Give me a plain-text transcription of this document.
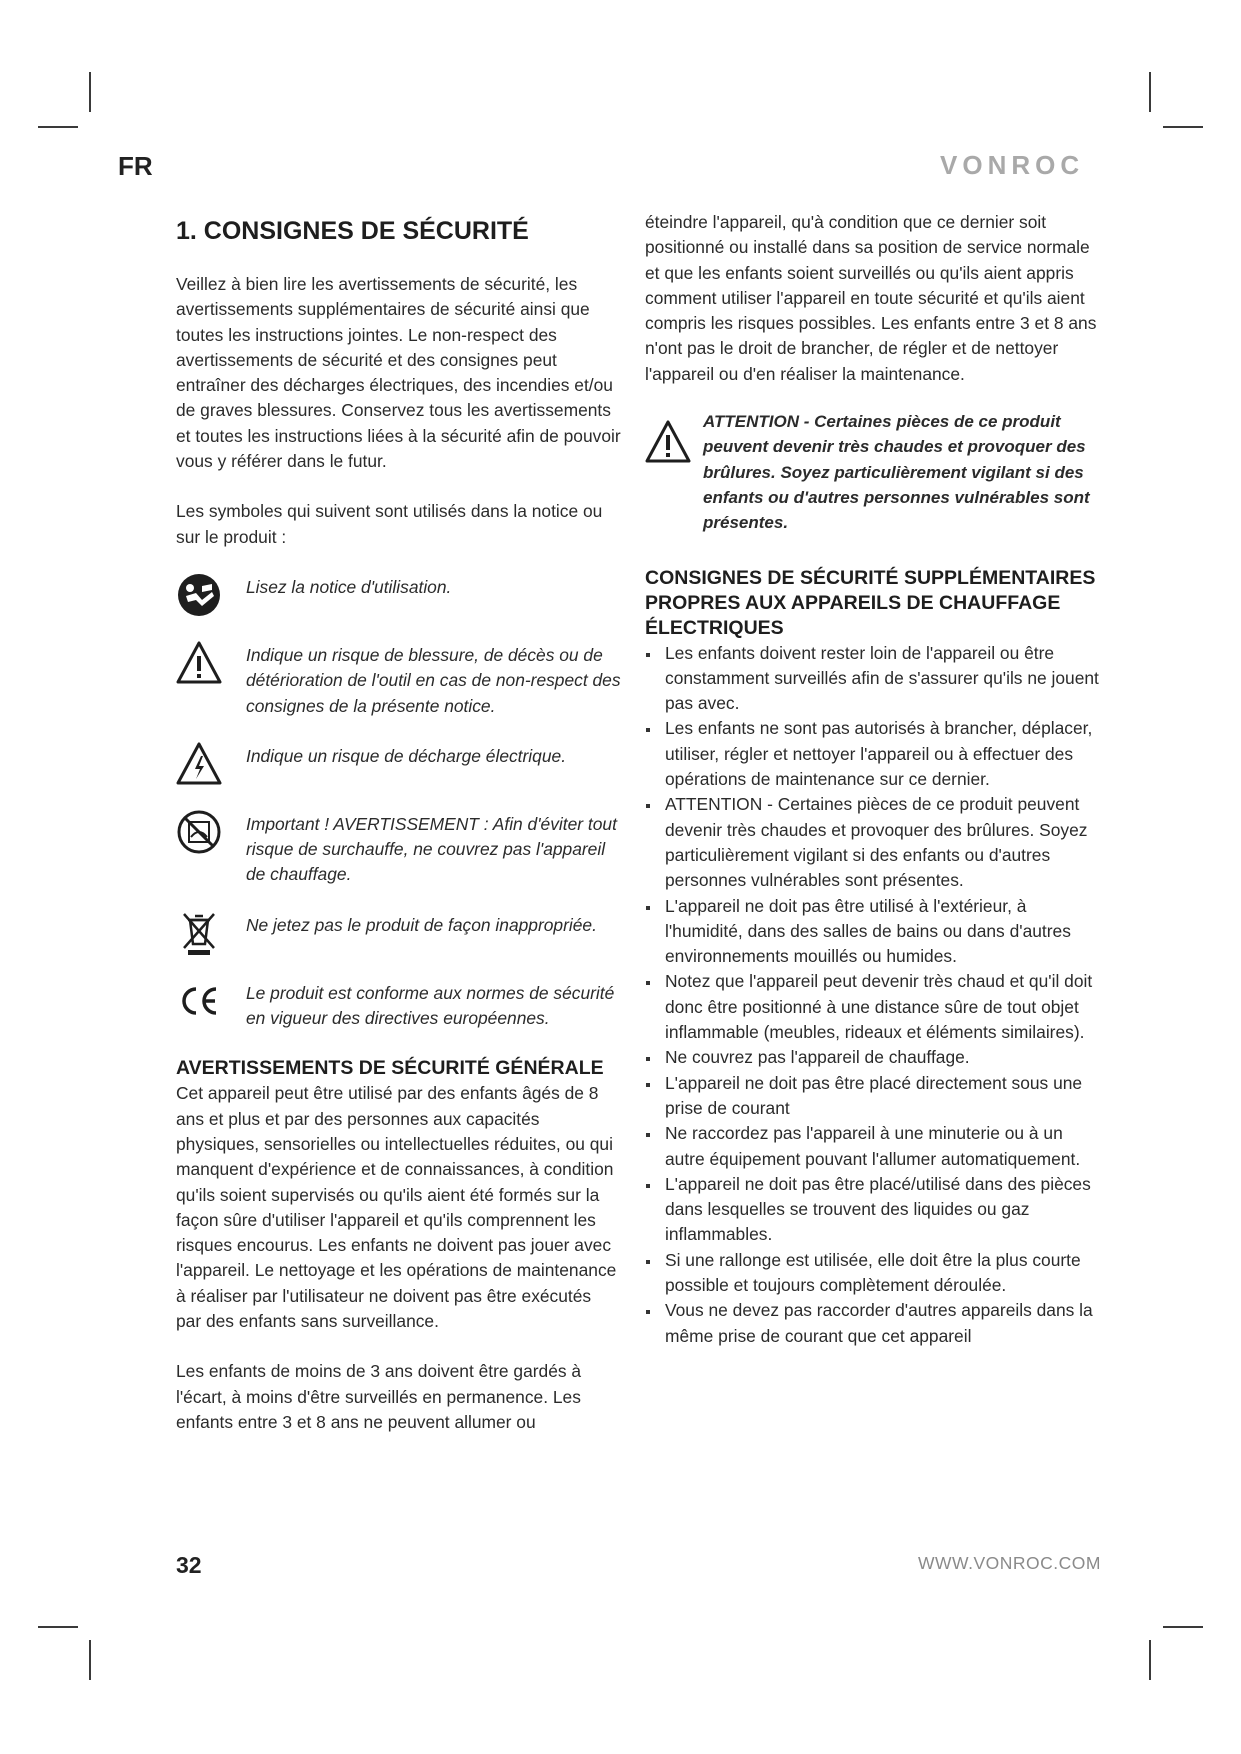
FR	VONROC
1. CONSIGNES DE SÉCURITÉ

Veillez à bien lire les avertissements de sécurité, les avertissements supplémentaires de sécurité ainsi que toutes les instructions jointes. Le non-respect des avertissements de sécurité et des consignes peut entraîner des décharges électriques, des incendies et/ou de graves blessures. Conservez tous les avertissements et toutes les instructions liées à la sécurité afin de pouvoir vous y référer dans le futur.

Les symboles qui suivent sont utilisés dans la notice ou sur le produit :

Lisez la notice d'utilisation.
Indique un risque de blessure, de décès ou de détérioration de l'outil en cas de non-respect des consignes de la présente notice.
Indique un risque de décharge électrique.
Important ! AVERTISSEMENT : Afin d'éviter tout risque de surchauffe, ne couvrez pas l'appareil de chauffage.
Ne jetez pas le produit de façon inappropriée.
Le produit est conforme aux normes de sécurité en vigueur des directives européennes.
AVERTISSEMENTS DE SÉCURITÉ GÉNÉRALE

Cet appareil peut être utilisé par des enfants âgés de 8 ans et plus et par des personnes aux capacités physiques, sensorielles ou intellectuelles réduites, ou qui manquent d'expérience et de connaissances, à condition qu'ils soient supervisés ou qu'ils aient été formés sur la façon sûre d'utiliser l'appareil et qu'ils comprennent les risques encourus. Les enfants ne doivent pas jouer avec l'appareil. Le nettoyage et les opérations de maintenance à réaliser par l'utilisateur ne doivent pas être exécutés par des enfants sans surveillance.

Les enfants de moins de 3 ans doivent être gardés à l'écart, à moins d'être surveillés en permanence. Les enfants entre 3 et 8 ans ne peuvent allumer ou

éteindre l'appareil, qu'à condition que ce dernier soit positionné ou installé dans sa position de service normale et que les enfants soient surveillés ou qu'ils aient appris comment utiliser l'appareil en toute sécurité et qu'ils aient compris les risques possibles. Les enfants entre 3 et 8 ans n'ont pas le droit de brancher, de régler et de nettoyer l'appareil ou d'en réaliser la maintenance.

ATTENTION - Certaines pièces de ce produit peuvent devenir très chaudes et provoquer des brûlures. Soyez particulièrement vigilant si des enfants ou d'autres personnes vulnérables sont présentes.
CONSIGNES DE SÉCURITÉ SUPPLÉMENTAIRES PROPRES AUX APPAREILS DE CHAUFFAGE ÉLECTRIQUES
Les enfants doivent rester loin de l'appareil ou être constamment surveillés afin de s'assurer qu'ils ne jouent pas avec.
Les enfants ne sont pas autorisés à brancher, déplacer, utiliser, régler et nettoyer l'appareil ou à effectuer des opérations de maintenance sur ce dernier.
ATTENTION - Certaines pièces de ce produit peuvent devenir très chaudes et provoquer des brûlures. Soyez particulièrement vigilant si des enfants ou d'autres personnes vulnérables sont présentes.
L'appareil ne doit pas être utilisé à l'extérieur, à l'humidité, dans des salles de bains ou dans d'autres environnements mouillés ou humides.
Notez que l'appareil peut devenir très chaud et qu'il doit donc être positionné à une distance sûre de tout objet inflammable (meubles, rideaux et éléments similaires).
Ne couvrez pas l'appareil de chauffage.
L'appareil ne doit pas être placé directement sous une prise de courant
Ne raccordez pas l'appareil à une minuterie ou à un autre équipement pouvant l'allumer automatiquement.
L'appareil ne doit pas être placé/utilisé dans des pièces dans lesquelles se trouvent des liquides ou gaz inflammables.
Si une rallonge est utilisée, elle doit être la plus courte possible et toujours complètement déroulée.
Vous ne devez pas raccorder d'autres appareils dans la même prise de courant que cet appareil
32	WWW.VONROC.COM
